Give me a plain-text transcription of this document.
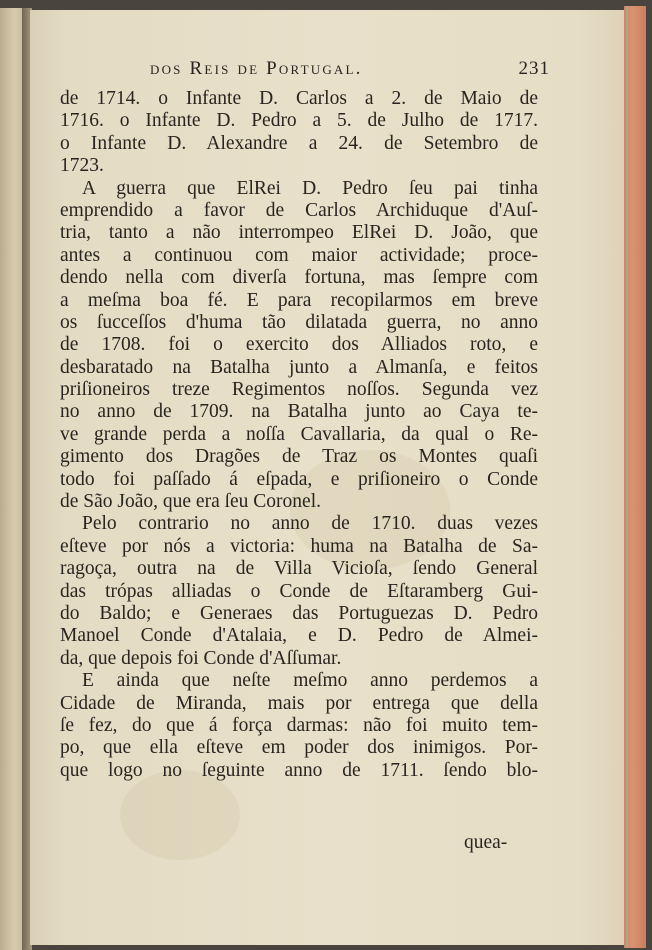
dos Reis de Portugal.	231
de 1714. o Infante D. Carlos a 2. de Maio de
1716. o Infante D. Pedro a 5. de Julho de 1717.
o Infante D. Alexandre a 24. de Setembro de
1723.
A guerra que ElRei D. Pedro ſeu pai tinha
emprendido a favor de Carlos Archiduque d'Auſ-
tria, tanto a não interrompeo ElRei D. João, que
antes a continuou com maior actividade; proce-
dendo nella com diverſa fortuna, mas ſempre com
a meſma boa fé. E para recopilarmos em breve
os ſucceſſos d'huma tão dilatada guerra, no anno
de 1708. foi o exercito dos Alliados roto, e
desbaratado na Batalha junto a Almanſa, e feitos
priſioneiros treze Regimentos noſſos. Segunda vez
no anno de 1709. na Batalha junto ao Caya te-
ve grande perda a noſſa Cavallaria, da qual o Re-
gimento dos Dragões de Traz os Montes quaſi
todo foi paſſado á eſpada, e priſioneiro o Conde
de São João, que era ſeu Coronel.
Pelo contrario no anno de 1710. duas vezes
eſteve por nós a victoria: huma na Batalha de Sa-
ragoça, outra na de Villa Vicioſa, ſendo General
das trópas alliadas o Conde de Eſtaramberg Gui-
do Baldo; e Generaes das Portuguezas D. Pedro
Manoel Conde d'Atalaia, e D. Pedro de Almei-
da, que depois foi Conde d'Aſſumar.
E ainda que neſte meſmo anno perdemos a
Cidade de Miranda, mais por entrega que della
ſe fez, do que á força darmas: não foi muito tem-
po, que ella eſteve em poder dos inimigos. Por-
que logo no ſeguinte anno de 1711. ſendo blo-
quea-
